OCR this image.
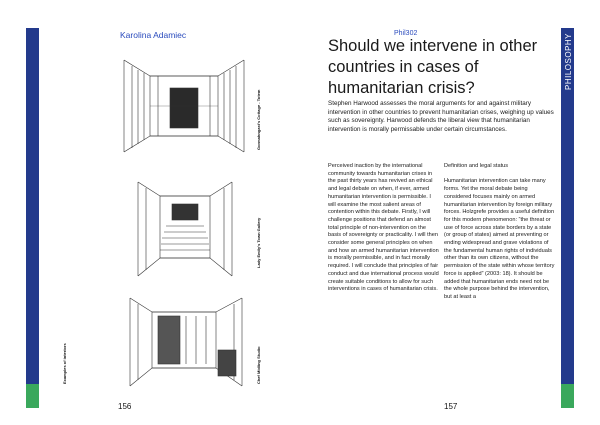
Karolina Adamiec
Gormahngast's Cottage - Totem
Lady Emily's Town Gallery
Chef Midling Studio
Examples of interiors
156
Phil302	PHILOSOPHY
Should we intervene in other countries in cases of humanitarian crisis?
Stephen Harwood assesses the moral arguments for and against military intervention in other countries to prevent humanitarian crises, weighing up values such as sovereignty. Harwood defends the liberal view that humanitarian intervention is morally permissable under certain circumstances.

Perceived inaction by the international community towards humanitarian crises in the past thirty years has revived an ethical and legal debate on when, if ever, armed humanitarian intervention is permissible. I will examine the most salient areas of contention within this debate. Firstly, I will challenge positions that defend an almost total principle of non-intervention on the basis of sovereignty or practicality. I will then consider some general principles on when and how an armed humanitarian intervention is morally permissible, and in fact morally required. I will conclude that principles of fair conduct and due international process would create suitable conditions to allow for such interventions in cases of humanitarian crisis.

Definition and legal status

Humanitarian intervention can take many forms. Yet the moral debate being considered focuses mainly on armed humanitarian intervention by foreign military forces. Holzgrefe provides a useful definition for this modern phenomenon: “the threat or use of force across state borders by a state (or group of states) aimed at preventing or ending widespread and grave violations of the fundamental human rights of individuals other than its own citizens, without the permission of the state within whose territory force is applied” (2003: 18). It should be added that humanitarian ends need not be the whole purpose behind the intervention, but at least a

157
